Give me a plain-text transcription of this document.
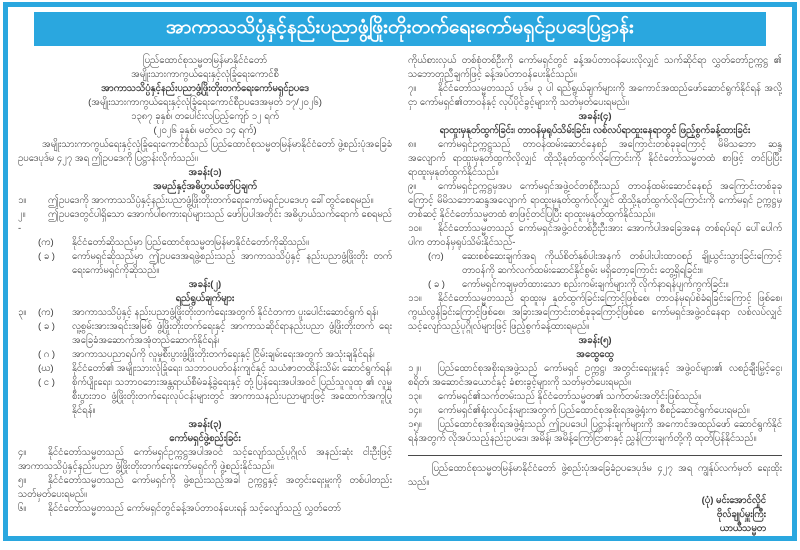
အာကာသသိပ္ပံနှင့်နည်းပညာဖွံ့ဖြိုးတိုးတက်ရေးကော်မရှင်ဥပဒေပြဋ္ဌာန်း
ပြည်ထောင်စုသမ္မတမြန်မာနိုင်ငံတော်
အမျိုးသားကာကွယ်ရေးနှင့်လုံခြုံရေးကောင်စီ
အာကာသသိပ္ပံနှင့်နည်းပညာဖွံ့ဖြိုးတိုးတက်ရေးကော်မရှင်ဥပဒေ
(အမျိုးသားကာကွယ်ရေးနှင့်လုံခြုံရေးကောင်စီဥပဒေအမှတ် ၁၇/၂၀၂၆)
၁၃၈၇ ခုနှစ်၊ တပေါင်းလပြည့်ကျော် ၁၂ ရက်
(၂၀၂၆ ခုနှစ်၊ မတ်လ ၁၄ ရက်)
အမျိုးသားကာကွယ်ရေးနှင့်လုံခြုံရေးကောင်စီသည် ပြည်ထောင်စုသမ္မတမြန်မာနိုင်ငံတော် ဖွဲ့စည်းပုံအခြေခံဥပဒေပုဒ်မ ၄၂၇ အရ ဤဥပဒေကို ပြဋ္ဌာန်းလိုက်သည်။
အခန်း(၁)
အမည်နှင့်အဓိပ္ပာယ်ဖော်ပြချက်
၁။ ဤဥပဒေကို အာကာသသိပ္ပံနှင့်နည်းပညာဖွံ့ဖြိုးတိုးတက်ရေးကော်မရှင်ဥပဒေဟု ခေါ်တွင်စေရမည်။
၂။ ဤဥပဒေတွင်ပါရှိသော အောက်ပါစကားရပ်များသည် ဖော်ပြပါအတိုင်း အဓိပ္ပာယ်သက်ရောက် စေရမည် -
(က)	နိုင်ငံတော်ဆိုသည်မှာ ပြည်ထောင်စုသမ္မတမြန်မာနိုင်ငံတော်ကိုဆိုသည်။
( ခ )	ကော်မရှင်ဆိုသည်မှာ ဤဥပဒေအရဖွဲ့စည်းသည့် အာကာသသိပ္ပံနှင့် နည်းပညာဖွံ့ဖြိုးတိုး တက်ရေးကော်မရှင်ကိုဆိုသည်။
အခန်း(၂)
ရည်ရွယ်ချက်များ
၃။	(က)	အာကာသသိပ္ပံနှင့် နည်းပညာဖွံ့ဖြိုးတိုးတက်ရေးအတွက် နိုင်ငံတကာ ပူးပေါင်းဆောင်ရွက် ရန်၊
( ခ )	လူ့စွမ်းအားအရင်းအမြစ် ဖွံ့ဖြိုးတိုးတက်ရေးနှင့် အာကာသဆိုင်ရာနည်းပညာ ဖွံ့ဖြိုးတိုးတက် ရေး အခြေခံအဆောက်အအုံတည်ဆောက်နိုင်ရန်၊
( ဂ )	အာကာသပညာရပ်ကို လူမှုစီးပွားဖွံ့ဖြိုးတိုးတက်ရေးနှင့် ငြိမ်းချမ်းရေးအတွက် အသုံးချနိုင်ရန်၊
(ဃ)	နိုင်ငံတော်၏ အမျိုးသားလုံခြုံရေး၊ သဘာဝပတ်ဝန်းကျင်နှင့် သယံဇာတထိန်းသိမ်း ဆောင်ရွက်ရန်၊
( င )	စိုက်ပျိုးရေး၊ သဘာဝဘေးအန္တရာယ်စီမံခန့်ခွဲရေးနှင့် တုံ့ပြန်ရေးအပါအဝင် ပြည်သူလူထု ၏ လူမှုစီးပွားဘဝ ဖွံ့ဖြိုးတိုးတက်ရေးလုပ်ငန်းများတွင် အာကာသနည်းပညာများဖြင့် အထောက်အကူပြုနိုင်ရန်။
အခန်း(၃)
ကော်မရှင်ဖွဲ့စည်းခြင်း
၄။ နိုင်ငံတော်သမ္မတသည် ကော်မရှင်ဥက္ကဋ္ဌအပါအဝင် သင့်လျော်သည့်ပုဂ္ဂိုလ် အနည်းဆုံး ငါးဦးဖြင့် အာကာသသိပ္ပံနှင့်နည်းပညာ ဖွံ့ဖြိုးတိုးတက်ရေးကော်မရှင်ကို ဖွဲ့စည်းနိုင်သည်။
၅။ နိုင်ငံတော်သမ္မတသည် ကော်မရှင်ကို ဖွဲ့စည်းသည့်အခါ ဥက္ကဋ္ဌနှင့် အတွင်းရေးမှူးကို တစ်ပါတည်း သတ်မှတ်ပေးရမည်။
၆။ နိုင်ငံတော်သမ္မတသည် ကော်မရှင်တွင်ခန့်အပ်တာဝန်ပေးရန် သင့်လျော်သည့် လွှတ်တော်
ကိုယ်စားလှယ် တစ်စုံတစ်ဦးကို ကော်မရှင်တွင် ခန့်အပ်တာဝန်ပေးလိုလျှင် သက်ဆိုင်ရာ လွှတ်တော်ဥက္ကဋ္ဌ ၏ သဘောတူညီချက်ဖြင့် ခန့်အပ်တာဝန်ပေးနိုင်သည်။
၇။ နိုင်ငံတော်သမ္မတသည် ပုဒ်မ ၃ ပါ ရည်ရွယ်ချက်များကို အကောင်အထည်ဖော်ဆောင်ရွက်နိုင်ရန် အလို့ငှာ ကော်မရှင်၏တာဝန်နှင့် လုပ်ပိုင်ခွင့်များကို သတ်မှတ်ပေးရမည်။
အခန်း(၄)
ရာထူးမှနုတ်ထွက်ခြင်း၊ တာဝန်မှရုပ်သိမ်းခြင်း၊ လစ်လပ်ရာထူးနေရာတွင် ဖြည့်စွက်ခန့်ထားခြင်း
၈။ ကော်မရှင်ဥက္ကဋ္ဌသည် တာဝန်ထမ်းဆောင်နေစဉ် အကြောင်းတစ်ခုခုကြောင့် မိမိသဘော ဆန္ဒ အလျောက် ရာထူးမှနုတ်ထွက်လိုလျှင် ထိုသို့နုတ်ထွက်လိုကြောင်းကို နိုင်ငံတော်သမ္မတထံ စာဖြင့် တင်ပြပြီး ရာထူးမှနုတ်ထွက်နိုင်သည်။
၉။ ကော်မရှင်ဥက္ကဋ္ဌမှအပ ကော်မရှင်အဖွဲ့ဝင်တစ်ဦးသည် တာဝန်ထမ်းဆောင်နေစဉ် အကြောင်းတစ်ခုခု ကြောင့် မိမိသဘောဆန္ဒအလျောက် ရာထူးမှနုတ်ထွက်လိုလျှင် ထိုသို့နုတ်ထွက်လိုကြောင်းကို ကော်မရှင် ဥက္ကဋ္ဌမှတစ်ဆင့် နိုင်ငံတော်သမ္မတထံ စာဖြင့်တင်ပြပြီး ရာထူးမှနုတ်ထွက်နိုင်သည်။
၁၀။ နိုင်ငံတော်သမ္မတသည် ကော်မရှင်အဖွဲ့ဝင်တစ်ဦးဦးအား အောက်ပါအခြေအနေ တစ်ရပ်ရပ် ပေါ်ပေါက်ပါက တာဝန်မှရုပ်သိမ်းနိုင်သည်-
(က)	ဆေးစစ်ဆေးချက်အရ ကိုယ်စိတ်နှစ်ပါးအနက် တစ်ပါးပါးထာဝစဉ် ချို့ယွင်းသွားခြင်းကြောင့် တာဝန်ကို ဆက်လက်ထမ်းဆောင်နိုင်စွမ်း မရှိတော့ကြောင်း တွေ့ရှိရခြင်း။
( ခ )	ကော်မရှင်ကချမှတ်ထားသော စည်းကမ်းချက်များကို လိုက်နာရန်ပျက်ကွက်ခြင်း။
၁၁။ နိုင်ငံတော်သမ္မတသည် ရာထူးမှ နုတ်ထွက်ခြင်းကြောင့်ဖြစ်စေ၊ တာဝန်မှရပ်စဲခံရခြင်းကြောင့် ဖြစ်စေ၊ ကွယ်လွန်ခြင်းကြောင့်ဖြစ်စေ၊ အခြားအကြောင်းတစ်ခုခုကြောင့်ဖြစ်စေ ကော်မရှင်အဖွဲ့ဝင်နေရာ လစ်လပ်လျှင် သင့်လျော်သည့်ပုဂ္ဂိုလ်များဖြင့် ဖြည့်စွက်ခန့်ထားရမည်။
အခန်း(၅)
အထွေထွေ
၁၂။ ပြည်ထောင်စုအစိုးရအဖွဲ့သည် ကော်မရှင် ဥက္ကဋ္ဌ၊ အတွင်းရေးမှူးနှင့် အဖွဲ့ဝင်များ၏ လစဉ်ချီးမြှင့်ငွေ၊ စရိတ်၊ အဆောင်အယောင်နှင့် ခံစားခွင့်များကို သတ်မှတ်ပေးရမည်။
၁၃။ ကော်မရှင်၏သက်တမ်းသည် နိုင်ငံတော်သမ္မတ၏ သက်တမ်းအတိုင်းဖြစ်သည်။
၁၄။ ကော်မရှင်၏ရုံးလုပ်ငန်းများအတွက် ပြည်ထောင်စုအစိုးရအဖွဲ့ရုံးက စီစဉ်ဆောင်ရွက်ပေးရမည်။
၁၅။ ပြည်ထောင်စုအစိုးရအဖွဲ့ရုံးသည် ဤဥပဒေပါ ပြဋ္ဌာန်းချက်များကို အကောင်အထည်ဖော် ဆောင်ရွက်နိုင်ရန်အတွက် လိုအပ်သည့်နည်းဥပဒေ၊ အမိန့်၊ အမိန့်ကြော်ငြာစာနှင့် ညွှန်ကြားချက်တို့ကို ထုတ်ပြန်နိုင်သည်။
ပြည်ထောင်စုသမ္မတမြန်မာနိုင်ငံတော် ဖွဲ့စည်းပုံအခြေခံဥပဒေပုဒ်မ ၄၂၇ အရ ကျွန်ုပ်လက်မှတ် ရေးထိုးသည်။
(ပုံ) မင်းအောင်လှိုင်
ဗိုလ်ချုပ်မှူးကြီး
ယာယီသမ္မတ
